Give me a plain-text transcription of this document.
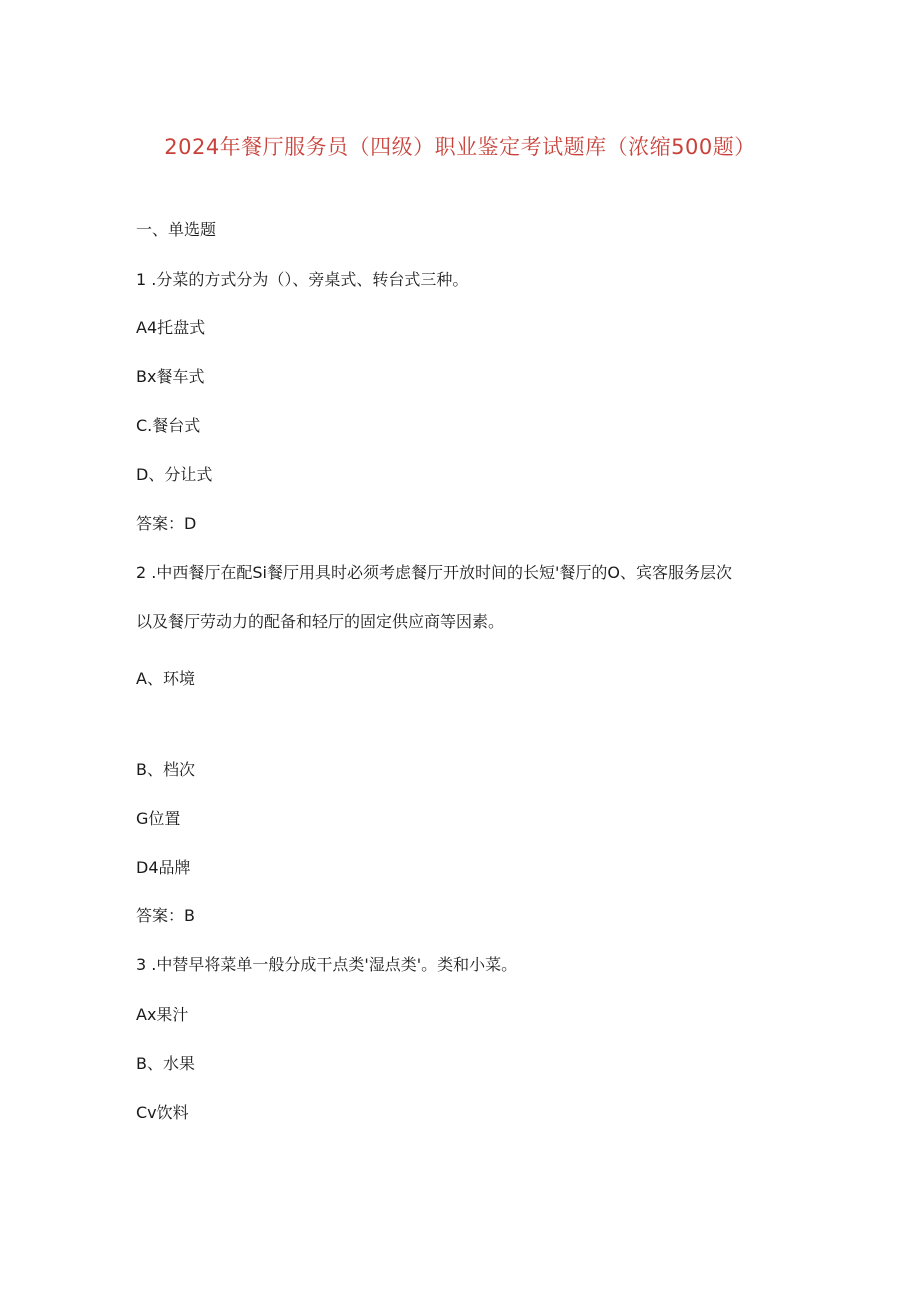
2024年餐厅服务员（四级）职业鉴定考试题库（浓缩500题）
一、单选题
1 .分菜的方式分为（）、旁桌式、转台式三种。
A4托盘式
Bx餐车式
C.餐台式
D、分让式
答案：D
2 .中西餐厅在配Si餐厅用具时必须考虑餐厅开放时间的长短'餐厅的O、宾客服务层次
以及餐厅劳动力的配备和轻厅的固定供应商等因素。
A、环境
B、档次
G位置
D4品牌
答案：B
3 .中替早将菜单一般分成干点类'湿点类'。类和小菜。
Ax果汁
B、水果
Cv饮料
